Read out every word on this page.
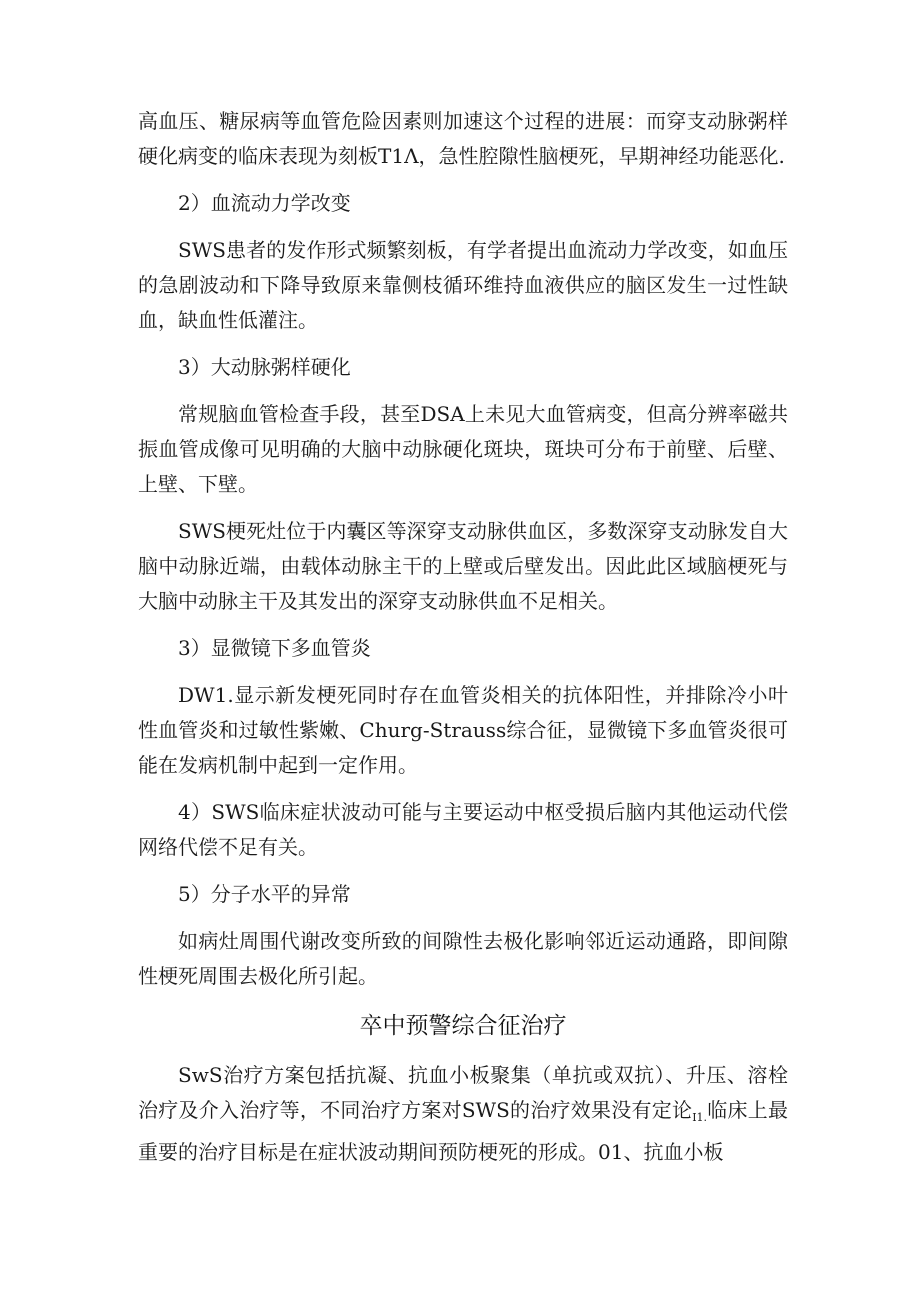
高血压、糖尿病等血管危险因素则加速这个过程的进展：而穿支动脉粥样硬化病变的临床表现为刻板T1Λ，急性腔隙性脑梗死，早期神经功能恶化.

2）血流动力学改变

SWS患者的发作形式频繁刻板，有学者提出血流动力学改变，如血压的急剧波动和下降导致原来靠侧枝循环维持血液供应的脑区发生一过性缺血，缺血性低灌注。

3）大动脉粥样硬化

常规脑血管检查手段，甚至DSA上未见大血管病变，但高分辨率磁共振血管成像可见明确的大脑中动脉硬化斑块，斑块可分布于前壁、后壁、上壁、下壁。

SWS梗死灶位于内囊区等深穿支动脉供血区，多数深穿支动脉发自大脑中动脉近端，由载体动脉主干的上壁或后壁发出。因此此区域脑梗死与大脑中动脉主干及其发出的深穿支动脉供血不足相关。

3）显微镜下多血管炎

DW1.显示新发梗死同时存在血管炎相关的抗体阳性，并排除冷小叶性血管炎和过敏性紫嫩、Churg-Strauss综合征，显微镜下多血管炎很可能在发病机制中起到一定作用。

4）SWS临床症状波动可能与主要运动中枢受损后脑内其他运动代偿网络代偿不足有关。

5）分子水平的异常

如病灶周围代谢改变所致的间隙性去极化影响邻近运动通路，即间隙性梗死周围去极化所引起。

卒中预警综合征治疗

SwS治疗方案包括抗凝、抗血小板聚集（单抗或双抗）、升压、溶栓治疗及介入治疗等，不同治疗方案对SWS的治疗效果没有定论$_{I1.}$临床上最重要的治疗目标是在症状波动期间预防梗死的形成。01、抗血小板
